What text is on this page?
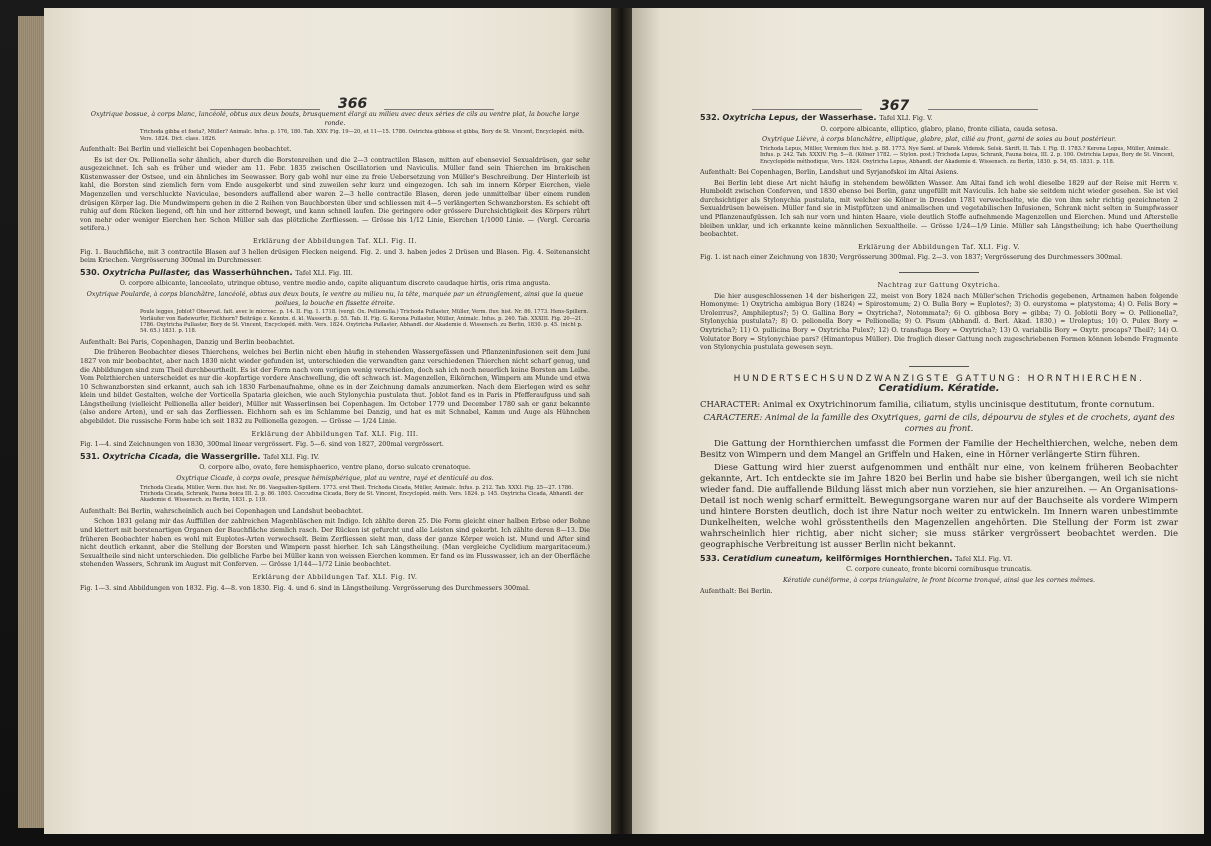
366

Oxytrique bossue, à corps blanc, lancéolé, obtus aux deux bouts, brusquement élargi au milieu avec deux séries de cils au ventre plat, la bouche large ronde.

Trichoda gibba et foeta?, Müller? Animalc. Infus. p. 176, 180. Tab. XXV. Fig. 19—20, et 11—15. 1786. Ostrichia gibbosa et gibba, Bory de St. Vincent, Encyclopéd. méth. Vers. 1824. Dict. class. 1826.

Aufenthalt: Bei Berlin und vielleicht bei Copenhagen beobachtet.

Es ist der Ox. Pellionella sehr ähnlich, aber durch die Borstenreihen und die 2—3 contractilen Blasen, mitten auf ebenseviel Sexualdrüsen, gar sehr ausgezeichnet. Ich sah es früher und wieder am 11. Febr. 1835 zwischen Oscillatorien und Naviculis. Müller fand sein Thierchen im brakischen Küstenwasser der Ostsee, und ein ähnliches im Seewasser. Bory gab wohl nur eine zu freie Uebersetzung von Müller's Beschreibung. Der Hinterleib ist kahl, die Borsten sind ziemlich fern vom Ende ausgekerbt und sind zuweilen sehr kurz und eingezogen. Ich sah im innern Körper Eierchen, viele Magenzellen und verschluckte Naviculae, besonders auffallend aber waren 2—3 helle contractile Blasen, deren jede unmittelbar über einem runden drüsigen Körper lag. Die Mundwimpern gehen in die 2 Reihen von Bauchborsten über und schliessen mit 4—5 verlängerten Schwanzborsten. Es schiebt oft ruhig auf dem Rücken liegend, oft hin und her zitternd bewegt, und kann schnell laufen. Die geringere oder grössere Durchsichtigkeit des Körpers rührt von mehr oder weniger Eierchen her. Schon Müller sah das plötzliche Zerfliessen. — Grösse bis 1/12 Linie, Eierchen 1/1000 Linie. — (Vergl. Cercaria setifera.)

Erklärung der Abbildungen Taf. XLI. Fig. II.

Fig. 1. Bauchfläche, mit 3 contractile Blasen auf 3 hellen drüsigen Flecken neigend. Fig. 2. und 3. haben jedes 2 Drüsen und Blasen. Fig. 4. Seitenansicht beim Kriechen. Vergrösserung 300mal im Durchmesser.

530. Oxytricha Pullaster, das Wasserhühnchen. Tafel XLI. Fig. III.

O. corpore albicante, lanceolato, utrinque obtuso, ventre medio ando, capite aliquantum discreto caudaque hirtis, oris rima angusta.

Oxytrique Poularde, à corps blanchâtre, lancéolé, obtus aux deux bouts, le ventre au milieu nu, la tête, marquée par un étranglement, ainsi que la queue poilues, la bouche en fissette étroite.

Poule legges, Joblot? Observat. fait. avec le microsc. p. 14. II. Fig. 1. 1718. (vergl. Ox. Pellionella.) Trichoda Pullaster, Müller, Verm. fluv. hist. Nr. 86. 1773. Hens-Spillern. Vorläufer von Badewurfer, Eichhorn? Beiträge z. Kenntn. d. kl. Wasserth. p. 55. Tab. II. Fig. G. Kerona Pullaster, Müller, Animalc. Infus. p. 240. Tab. XXXIII. Fig. 20—21. 1786. Oxytricha Pullaster, Bory de St. Vincent, Encyclopéd. méth. Vers. 1824. Oxytricha Pullaster, Abhandl. der Akademie d. Wissensch. zu Berlin, 1830. p. 45. (nicht p. 54. 65.) 1831. p. 118.

Aufenthalt: Bei Paris, Copenhagen, Danzig und Berlin beobachtet.

Die früheren Beobachter dieses Thierchens, welches bei Berlin nicht eben häufig in stehenden Wassergefässen und Pflanzeninfusionen seit dem Juni 1827 von mir beobachtet, aber nach 1830 nicht wieder gefunden ist, unterschieden die verwandten ganz verschiedenen Thierchen nicht scharf genug, und die Abbildungen sind zum Theil durchbeurtheilt. Es ist der Form nach vom vorigen wenig verschieden, doch sah ich noch neuerlich keine Borsten am Leibe. Vom Pelzthierchen unterscheidet es nur die -kopfartige vordere Anschwellung, die oft schwach ist. Magenzellen, Eikörnchen, Wimpern am Munde und etwa 10 Schwanzborsten sind erkannt, auch sah ich 1830 Farbenaufnahme, ohne es in der Zeichnung damals anzumerken. Nach dem Eierlegen wird es sehr klein und bildet Gestalten, welche der Vorticella Spataria gleichen, wie auch Stylonychia pustulata thut. Joblot fand es in Paris in Pfefferaufguss und sah Längstheilung (vielleicht Pellionella aller beider), Müller mit Wasserlinsen bei Copenhagen. Im October 1779 und December 1780 sah er ganz bekannte (also andere Arten), und er sah das Zerfliessen. Eichhorn sah es im Schlamme bei Danzig, und hat es mit Schnabel, Kamm und Auge als Hühnchen abgebildet. Die russische Form habe ich seit 1832 zu Pellionella gezogen. — Grösse — 1/24 Linie.

Erklärung der Abbildungen Taf. XLI. Fig. III.

Fig. 1—4. sind Zeichnungen von 1830, 300mal linear vergrössert. Fig. 5—6. sind von 1827, 200mal vergrössert.

531. Oxytricha Cicada, die Wassergrille. Tafel XLI. Fig. IV.

O. corpore albo, ovato, fere hemisphaerico, ventre plano, dorso sulcato crenatoque.

Oxytrique Cicade, à corps ovale, presque hémisphérique, plat au ventre, rayé et denticulé au dos.

Trichoda Cicada, Müller, Verm. fluv. hist. Nr. 86. Vaegsalien-Spillern. 1773. erst Theil. Trichoda Cicada, Müller, Animalc. Infus. p. 212. Tab. XXXI. Fig. 25—27. 1786. Trichoda Cicada, Schrank, Fauna boica III. 2. p. 86. 1803. Coccudina Cicada, Bory de St. Vincent, Encyclopéd. méth. Vers. 1824. p. 145. Oxytricha Cicada, Abhandl. der Akademie d. Wissensch. zu Berlin, 1831. p. 119.

Aufenthalt: Bei Berlin, wahrscheinlich auch bei Copenhagen und Landshut beobachtet.

Schon 1831 gelang mir das Auffüllen der zahlreichen Magenbläschen mit Indigo. Ich zählte deren 25. Die Form gleicht einer halben Erbse oder Bohne und klettert mit borstenartigen Organen der Bauchfläche ziemlich rasch. Der Rücken ist gefurcht und alle Leisten sind gekerbt. Ich zählte deren 8—13. Die früheren Beobachter haben es wohl mit Euplotes-Arten verwechselt. Beim Zerfliessen sieht man, dass der ganze Körper weich ist. Mund und After sind nicht deutlich erkannt, aber die Stellung der Borsten und Wimpern passt hierher. Ich sah Längstheilung. (Man vergleiche Cyclidium margaritaceum.) Sexualtheile sind nicht unterschieden. Die gelbliche Farbe bei Müller kann von weissen Eierchen kommen. Er fand es im Flusswasser, ich an der Oberfläche stehenden Wassers, Schrank im August mit Conferven. — Grösse 1/144—1/72 Linie beobachtet.

Erklärung der Abbildungen Taf. XLI. Fig. IV.

Fig. 1—3. sind Abbildungen von 1832. Fig. 4—8. von 1830. Fig. 4. und 6. sind in Längstheilung. Vergrösserung des Durchmessers 300mal.

367

532. Oxytricha Lepus, der Wasserhase. Tafel XLI. Fig. V.

O. corpore albicante, elliptico, glabro, plano, fronte ciliata, cauda setosa.

Oxytrique Lièvre, à corps blanchâtre, elliptique, glabre, plat, cilié au front, garni de soies au bout postérieur.

Trichoda Lepus, Müller, Vermium fluv. hist. p. 88. 1773. Nye Saml. af Dansk. Vidensk. Selsk. Skrift. II. Tab. I. Fig. II. 1783.? Kerona Lepus, Müller, Animalc. Infus. p. 242. Tab. XXXIV. Fig. 5—8. (Kölner 1782. — Stylon. post.) Trichoda Lepus, Schrank, Fauna boica, III. 2. p. 100. Ostrichia Lepus, Bory de St. Vincent, Encyclopédie méthodique, Vers. 1824. Oxytricha Lepus, Abhandl. der Akademie d. Wissensch. zu Berlin, 1830. p. 54, 65. 1831. p. 118.

Aufenthalt: Bei Copenhagen, Berlin, Landshut und Syrjanofskoi im Altai Asiens.

Bei Berlin lebt diese Art nicht häufig in stehendem bewölkten Wasser. Am Altai fand ich wohl dieselbe 1829 auf der Reise mit Herrn v. Humboldt zwischen Conferven, und 1830 ebenso bei Berlin, ganz ungefüllt mit Naviculis. Ich habe sie seitdem nicht wieder gesehen. Sie ist viel durchsichtiger als Stylonychia pustulata, mit welcher sie Kölner in Dresden 1781 verwechselte, wie die von ihm sehr richtig gezeichneten 2 Sexualdrüsen beweisen. Müller fand sie in Mistpfützen und animalischen und vegetabilischen Infusionen, Schrank nicht selten in Sumpfwasser und Pflanzenaufgüssen. Ich sah nur vorn und hinten Haare, viele deutlich Stoffe aufnehmende Magenzellen und Eierchen. Mund und Afterstelle bleiben unklar, und ich erkannte keine männlichen Sexualtheile. — Grösse 1/24—1/9 Linie. Müller sah Längstheilung; ich habe Quertheilung beobachtet.

Erklärung der Abbildungen Taf. XLI. Fig. V.

Fig. 1. ist nach einer Zeichnung von 1830; Vergrösserung 300mal. Fig. 2—3. von 1837; Vergrösserung des Durchmessers 300mal.

Nachtrag zur Gattung Oxytricha.

Die hier ausgeschlossenen 14 der bisherigen 22, meist von Bory 1824 nach Müller'schen Trichodis gegebenen, Artnamen haben folgende Homonyme: 1) Oxytricha ambigua Bory (1824) = Spirostomum; 2) O. Bullа Bory = Euplotes?; 3) O. eurystoma = platystoma; 4) O. Felis Bory = Urolептus?, Amphileptus?; 5) O. Gallina Bory = Oxytricha?, Notommata?; 6) O. gibbosa Bory = gibba; 7) O. Joblotii Bory = O. Pellionella?, Stylonychia pustulata?; 8) O. pelionella Bory = Pellionella; 9) O. Pisum (Abhandl. d. Berl. Akad. 1830.) = Uroleptus; 10) O. Pulex Bory = Oxytricha?; 11) O. pullicina Bory = Oxytricha Pulex?; 12) O. transfuga Bory = Oxytricha?; 13) O. variabilis Bory = Oxytr. procaps? Theil?; 14) O. Volutator Bory = Stylonychiae pars? (Himantopus Müller). Die fraglich dieser Gattung noch zugeschriebenen Formen können lebende Fragmente von Stylonychia pustulata gewesen seyn.

HUNDERTSECHSUNDZWANZIGSTE GATTUNG: HORNTHIERCHEN.

Ceratidium. Kératide.

CHARACTER: Animal ex Oxytrichinorum familia, ciliatum, stylis uncinisque destitutum, fronte cornutum.

CARACTERE: Animal de la famille des Oxytriques, garni de cils, dépourvu de styles et de crochets, ayant des cornes au front.

Die Gattung der Hornthierchen umfasst die Formen der Familie der Hechelthierchen, welche, neben dem Besitz von Wimpern und dem Mangel an Griffeln und Haken, eine in Hörner verlängerte Stirn führen.

Diese Gattung wird hier zuerst aufgenommen und enthält nur eine, von keinem früheren Beobachter gekannte, Art. Ich entdeckte sie im Jahre 1820 bei Berlin und habe sie bisher übergangen, weil ich sie nicht wieder fand. Die auffallende Bildung lässt mich aber nun vorziehen, sie hier anzureihen. — An Organisations-Detail ist noch wenig scharf ermittelt. Bewegungsorgane waren nur auf der Bauchseite als vordere Wimpern und hintere Borsten deutlich, doch ist ihre Natur noch weiter zu entwickeln. Im Innern waren unbestimmte Dunkelheiten, welche wohl grösstentheils den Magenzellen angehörten. Die Stellung der Form ist zwar wahrscheinlich hier richtig, aber nicht sicher; sie muss stärker vergrössert beobachtet werden. Die geographische Verbreitung ist ausser Berlin nicht bekannt.

533. Ceratidium cuneatum, keilförmiges Hornthierchen. Tafel XLI. Fig. VI.

C. corpore cuneato, fronte bicorni cornibusque truncatis.

Kératide cunéiforme, à corps triangulaire, le front bicorne tronqué, ainsi que les cornes mêmes.

Aufenthalt: Bei Berlin.
